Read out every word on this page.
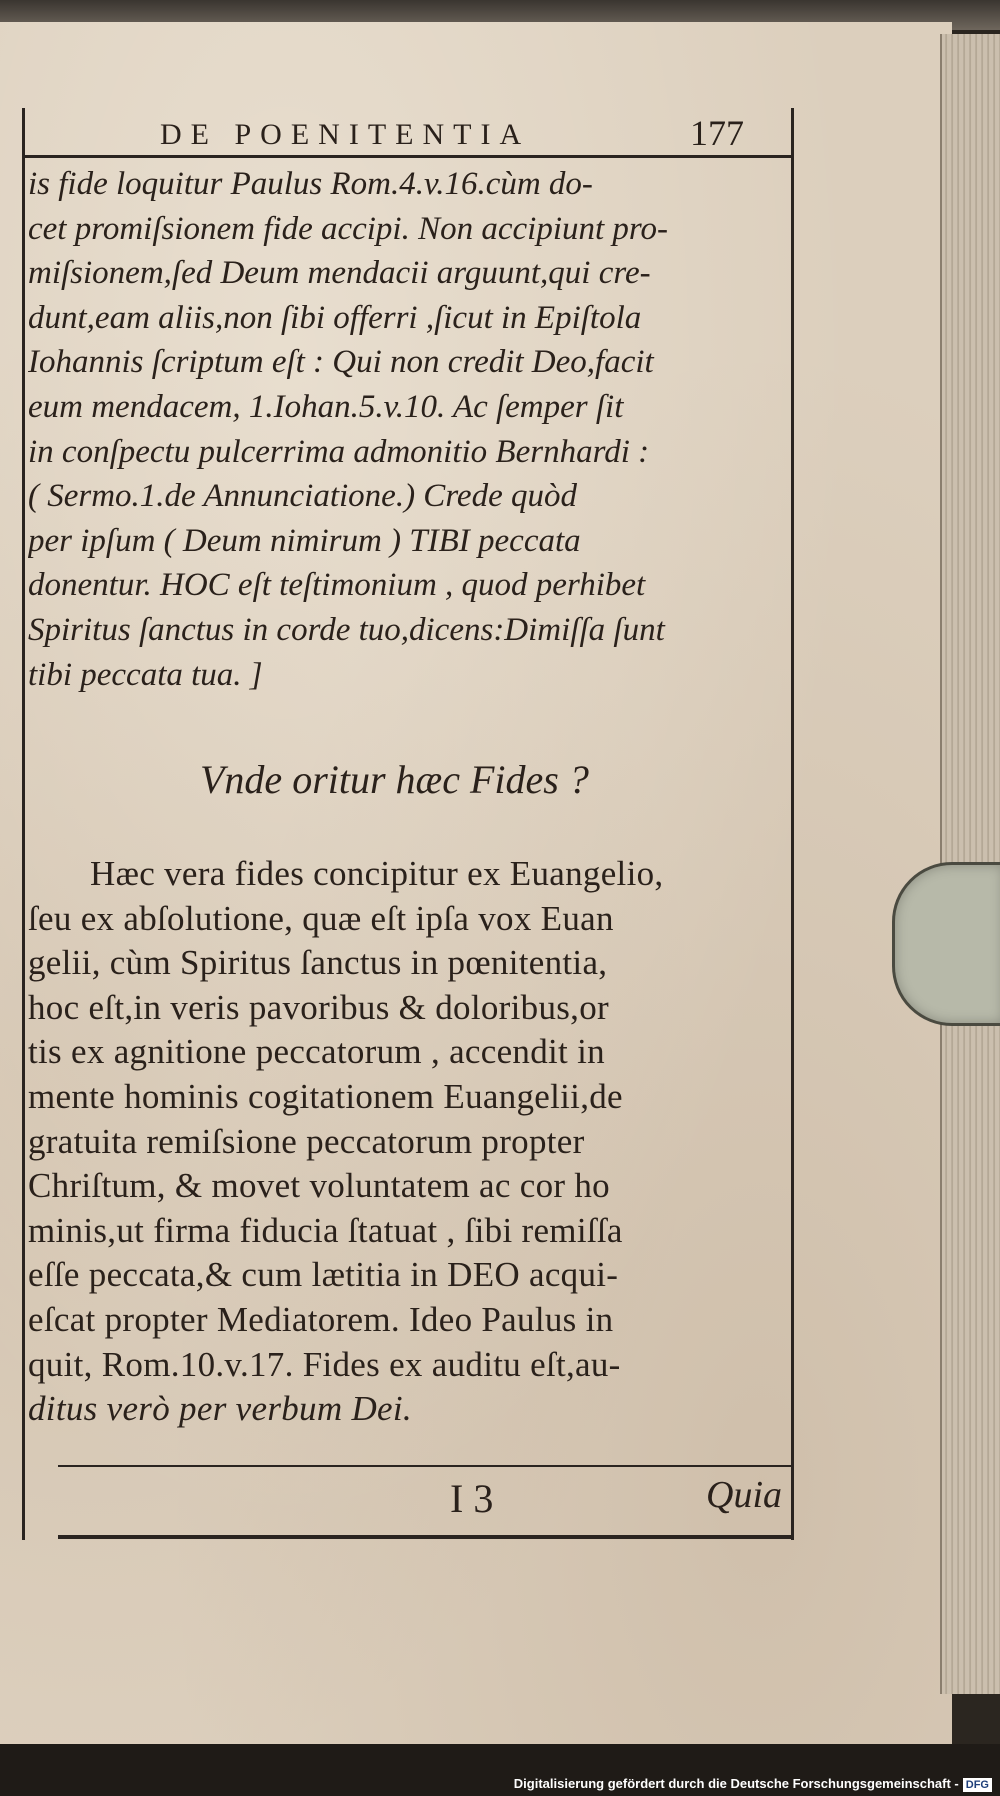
DE POENITENTIA	177
is fide loquitur Paulus Rom.4.v.16.cùm do-
cet promiſsionem fide accipi. Non accipiunt pro-
miſsionem,ſed Deum mendacii arguunt,qui cre-
dunt,eam aliis,non ſibi offerri ,ſicut in Epiſtola
Iohannis ſcriptum eſt : Qui non credit Deo,facit
eum mendacem, 1.Iohan.5.v.10. Ac ſemper ſit
in conſpectu pulcerrima admonitio Bernhardi :
( Sermo.1.de Annunciatione.) Crede quòd
per ipſum ( Deum nimirum ) TIBI peccata
donentur. HOC eſt teſtimonium , quod perhibet
Spiritus ſanctus in corde tuo,dicens:Dimiſſa ſunt
tibi peccata tua. ]
Vnde oritur hæc Fides ?
Hæc vera fides concipitur ex Euangelio,
ſeu ex abſolutione, quæ eſt ipſa vox Euan
gelii, cùm Spiritus ſanctus in pœnitentia,
hoc eſt,in veris pavoribus & doloribus,or
tis ex agnitione peccatorum , accendit in
mente hominis cogitationem Euangelii,de
gratuita remiſsione peccatorum propter
Chriſtum, & movet voluntatem ac cor ho
minis,ut firma fiducia ſtatuat , ſibi remiſſa
eſſe peccata,& cum lætitia in DEO acqui-
eſcat propter Mediatorem. Ideo Paulus in
quit, Rom.10.v.17. Fides ex auditu eſt,au-
ditus verò per verbum Dei.
I 3	Quia
Digitalisierung gefördert durch die Deutsche Forschungsgemeinschaft - DFG
